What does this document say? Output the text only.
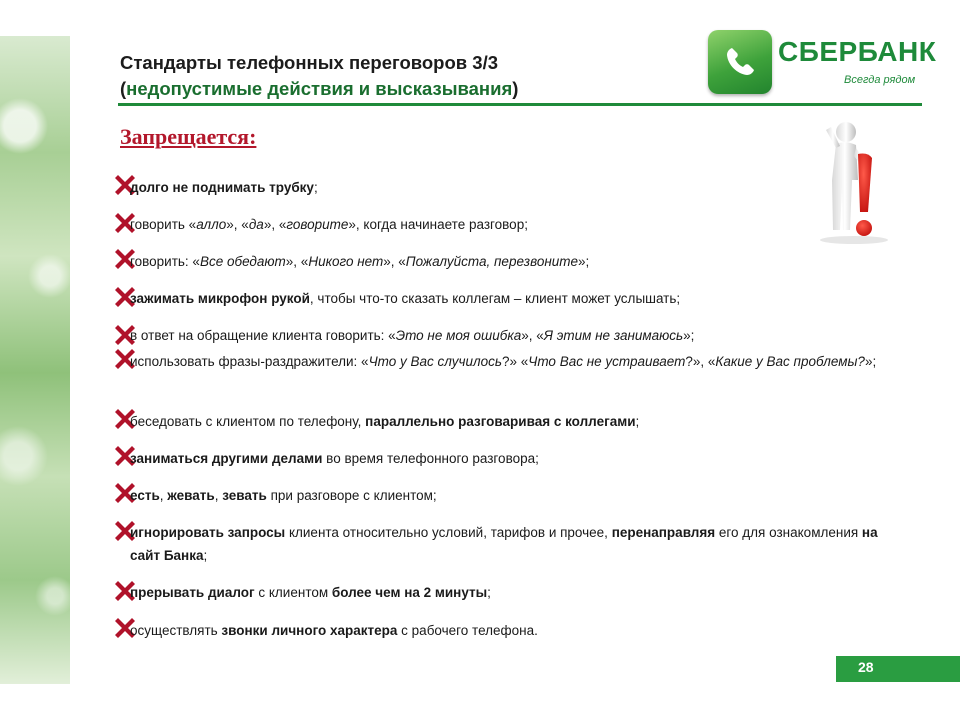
Стандарты телефонных переговоров 3/3
(недопустимые действия и высказывания)
СБЕРБАНК
Всегда рядом
Запрещается:
долго не поднимать трубку;
говорить «алло», «да», «говорите», когда начинаете разговор;
говорить: «Все обедают», «Никого нет», «Пожалуйста, перезвоните»;
зажимать микрофон рукой, чтобы что-то сказать коллегам – клиент может услышать;
в ответ на обращение клиента говорить: «Это не моя ошибка», «Я этим не занимаюсь»;
использовать фразы-раздражители: «Что у Вас случилось?» «Что Вас не устраивает?», «Какие у Вас проблемы?»;
беседовать с клиентом по телефону, параллельно разговаривая с коллегами;
заниматься другими делами во время телефонного разговора;
есть, жевать, зевать при разговоре с клиентом;
игнорировать запросы клиента относительно условий, тарифов и прочее, перенаправляя его для ознакомления на сайт Банка;
прерывать диалог с клиентом более чем на 2 минуты;
осуществлять звонки личного характера с рабочего телефона.
28
